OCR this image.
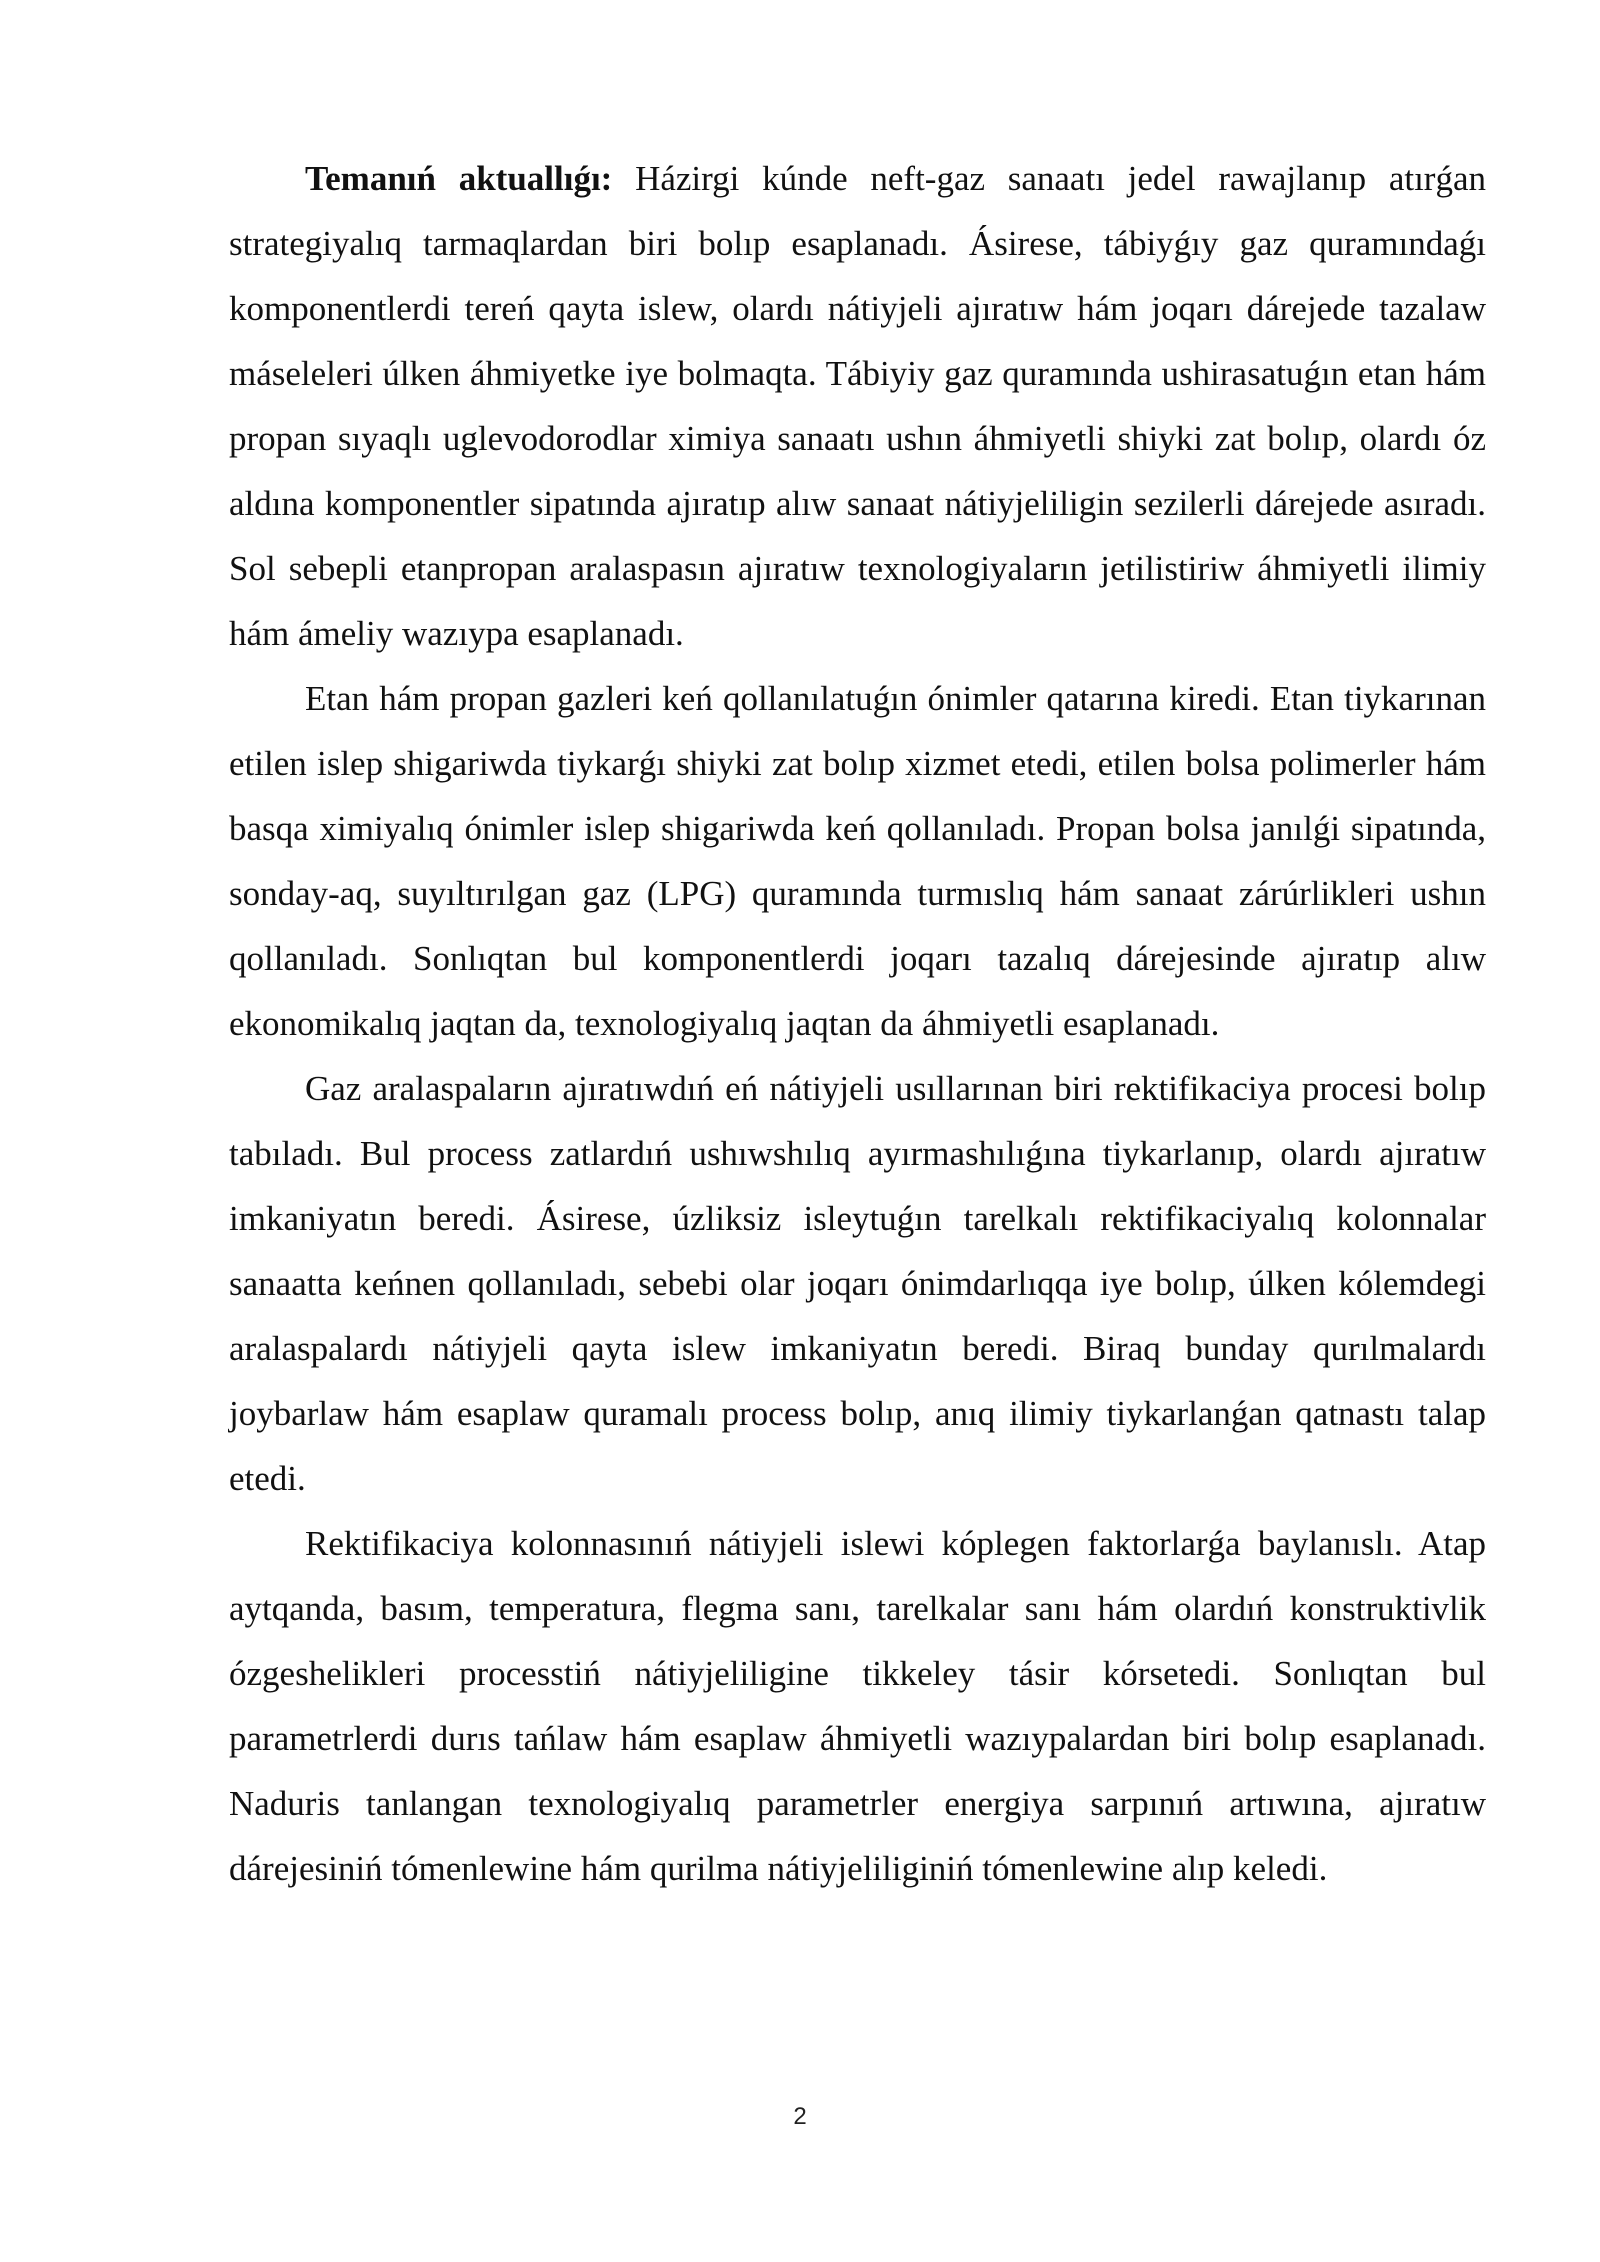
Temanıń aktuallıǵı: Házirgi kúnde neft-gaz sanaatı jedel rawajlanıp atırǵan strategiyalıq tarmaqlardan biri bolıp esaplanadı. Ásirese, tábiyǵıy gaz quramındaǵı komponentlerdi tereń qayta islew, olardı nátiyjeli ajıratıw hám joqarı dárejede tazalaw máseleleri úlken áhmiyetke iye bolmaqta. Tábiyiy gaz quramında ushirasatuǵın etan hám propan sıyaqlı uglevodorodlar ximiya sanaatı ushın áhmiyetli shiyki zat bolıp, olardı óz aldına komponentler sipatında ajıratıp alıw sanaat nátiyjeliligin sezilerli dárejede asıradı. Sol sebepli etanpropan aralaspasın ajıratıw texnologiyaların jetilistiriw áhmiyetli ilimiy hám ámeliy wazıypa esaplanadı.

Etan hám propan gazleri keń qollanılatuǵın ónimler qatarına kiredi. Etan tiykarınan etilen islep shigariwda tiykarǵı shiyki zat bolıp xizmet etedi, etilen bolsa polimerler hám basqa ximiyalıq ónimler islep shigariwda keń qollanıladı. Propan bolsa janılǵi sipatında, sonday-aq, suyıltırılgan gaz (LPG) quramında turmıslıq hám sanaat zárúrlikleri ushın qollanıladı. Sonlıqtan bul komponentlerdi joqarı tazalıq dárejesinde ajıratıp alıw ekonomikalıq jaqtan da, texnologiyalıq jaqtan da áhmiyetli esaplanadı.

Gaz aralaspaların ajıratıwdıń eń nátiyjeli usıllarınan biri rektifikaciya procesi bolıp tabıladı. Bul process zatlardıń ushıwshılıq ayırmashılıǵına tiykarlanıp, olardı ajıratıw imkaniyatın beredi. Ásirese, úzliksiz isleytuǵın tarelkalı rektifikaciyalıq kolonnalar sanaatta keńnen qollanıladı, sebebi olar joqarı ónimdarlıqqa iye bolıp, úlken kólemdegi aralaspalardı nátiyjeli qayta islew imkaniyatın beredi. Biraq bunday qurılmalardı joybarlaw hám esaplaw quramalı process bolıp, anıq ilimiy tiykarlanǵan qatnastı talap etedi.

Rektifikaciya kolonnasınıń nátiyjeli islewi kóplegen faktorlarǵa baylanıslı. Atap aytqanda, basım, temperatura, flegma sanı, tarelkalar sanı hám olardıń konstruktivlik ózgeshelikleri processtiń nátiyjeliligine tikkeley tásir kórsetedi. Sonlıqtan bul parametrlerdi durıs tańlaw hám esaplaw áhmiyetli wazıypalardan biri bolıp esaplanadı. Naduris tanlangan texnologiyalıq parametrler energiya sarpınıń artıwına, ajıratıw dárejesiniń tómenlewine hám qurilma nátiyjeliliginiń tómenlewine alıp keledi.

2
